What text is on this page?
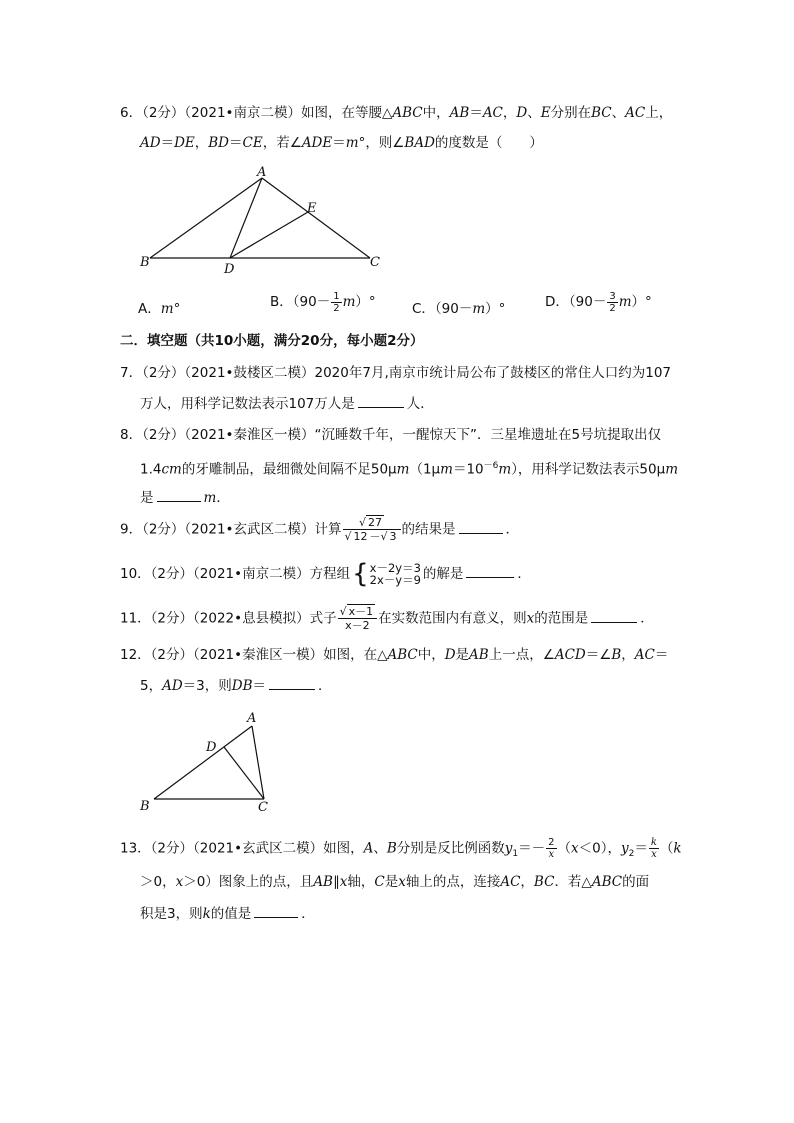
6．（2分）（2021•南京二模）如图，在等腰△ABC中，AB＝AC，D、E分别在BC、AC上，
AD＝DE，BD＝CE，若∠ADE＝m°，则∠BAD的度数是（　　）
A
B	C
D
E
A．m°	B．$(90- \frac{1}{2} m)^\circ$	C．（90－m）°	D．$(90- \frac{3}{2} m)^\circ$
二．填空题（共10小题，满分20分，每小题2分）
7．（2分）（2021•鼓楼区二模）2020年7月,南京市统计局公布了鼓楼区的常住人口约为107
万人，用科学记数法表示107万人是	人．
8．（2分）（2021•秦淮区一模）“沉睡数千年，一醒惊天下”．三星堆遗址在5号坑提取出仅
1.4cm的牙雕制品，最细微处间隔不足$50\mu m(1\mu m=10^{-6}m)$，用科学记数法表示50μm
是	m．
9．（2分）（2021•玄武区二模）计算 $\frac{√ 27}{√ 12 -√ 3}$ 的结果是	．
10．（2分）（2021•南京二模）方程组 { x－2y＝3
2x－y＝9 的解是	．
11．（2分）（2022•息县模拟）式子 $\frac{√ x-1}{x-2}$ 在实数范围内有意义，则x的范围是	．
12．（2分）（2021•秦淮区一模）如图，在△ABC中，D是AB上一点，∠ACD＝∠B，AC＝
5，AD＝3，则DB＝	．
A
B	C
D
13．（2分）（2021•玄武区二模）如图，A、B分别是反比例函数$y_1=- \frac{2}{x} (x<0)$，$y_2= \frac{k}{x} (k$
＞0，x＞0）图象上的点，且AB∥x轴，C是x轴上的点，连接AC，BC．若△ABC的面
积是3，则k的值是	．
